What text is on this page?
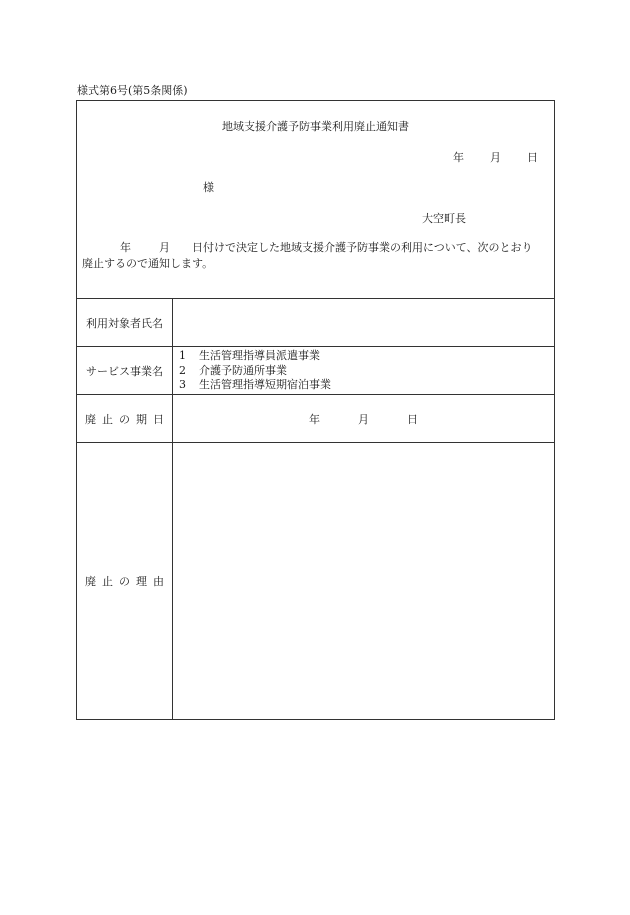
様式第6号(第5条関係)
地域支援介護予防事業利用廃止通知書
年 月 日
様
大空町長
年	月 日付けで決定した地域支援介護予防事業の利用について、次のとおり
廃止するので通知します。
利用対象者氏名
サービス事業名
1 生活管理指導員派遣事業
2 介護予防通所事業
3 生活管理指導短期宿泊事業
廃止の期日	年	月	日
廃止の理由
